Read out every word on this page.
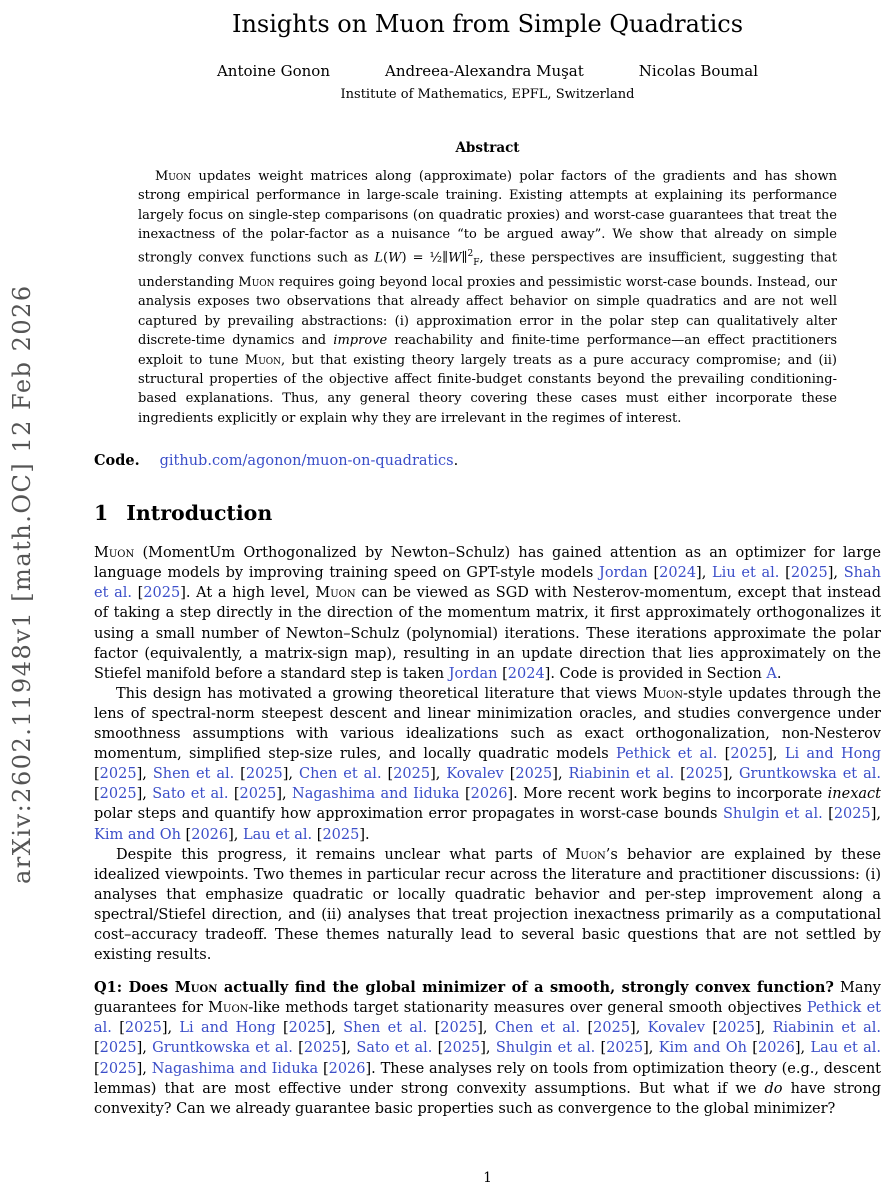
arXiv:2602.11948v1 [math.OC] 12 Feb 2026
Insights on Muon from Simple Quadratics
Antoine Gonon	Andreea-Alexandra Muşat	Nicolas Boumal
Institute of Mathematics, EPFL, Switzerland
Abstract

Muon updates weight matrices along (approximate) polar factors of the gradients and has shown strong empirical performance in large-scale training. Existing attempts at explaining its performance largely focus on single-step comparisons (on quadratic proxies) and worst-case guarantees that treat the inexactness of the polar-factor as a nuisance “to be argued away”. We show that already on simple strongly convex functions such as L(W) = ½∥W∥$^2_F$, these perspectives are insufficient, suggesting that understanding Muon requires going beyond local proxies and pessimistic worst-case bounds. Instead, our analysis exposes two observations that already affect behavior on simple quadratics and are not well captured by prevailing abstractions: (i) approximation error in the polar step can qualitatively alter discrete-time dynamics and improve reachability and finite-time performance—an effect practitioners exploit to tune Muon, but that existing theory largely treats as a pure accuracy compromise; and (ii) structural properties of the objective affect finite-budget constants beyond the prevailing conditioning-based explanations. Thus, any general theory covering these cases must either incorporate these ingredients explicitly or explain why they are irrelevant in the regimes of interest.

Code. github.com/agonon/muon-on-quadratics.

1 Introduction

Muon (MomentUm Orthogonalized by Newton–Schulz) has gained attention as an optimizer for large language models by improving training speed on GPT-style models Jordan [2024], Liu et al. [2025], Shah et al. [2025]. At a high level, Muon can be viewed as SGD with Nesterov-momentum, except that instead of taking a step directly in the direction of the momentum matrix, it first approximately orthogonalizes it using a small number of Newton–Schulz (polynomial) iterations. These iterations approximate the polar factor (equivalently, a matrix-sign map), resulting in an update direction that lies approximately on the Stiefel manifold before a standard step is taken Jordan [2024]. Code is provided in Section A.

This design has motivated a growing theoretical literature that views Muon-style updates through the lens of spectral-norm steepest descent and linear minimization oracles, and studies convergence under smoothness assumptions with various idealizations such as exact orthogonalization, non-Nesterov momentum, simplified step-size rules, and locally quadratic models Pethick et al. [2025], Li and Hong [2025], Shen et al. [2025], Chen et al. [2025], Kovalev [2025], Riabinin et al. [2025], Gruntkowska et al. [2025], Sato et al. [2025], Nagashima and Iiduka [2026]. More recent work begins to incorporate inexact polar steps and quantify how approximation error propagates in worst-case bounds Shulgin et al. [2025], Kim and Oh [2026], Lau et al. [2025].

Despite this progress, it remains unclear what parts of Muon’s behavior are explained by these idealized viewpoints. Two themes in particular recur across the literature and practitioner discussions: (i) analyses that emphasize quadratic or locally quadratic behavior and per-step improvement along a spectral/Stiefel direction, and (ii) analyses that treat projection inexactness primarily as a computational cost–accuracy tradeoff. These themes naturally lead to several basic questions that are not settled by existing results.

Q1: Does Muon actually find the global minimizer of a smooth, strongly convex function? Many guarantees for Muon-like methods target stationarity measures over general smooth objectives Pethick et al. [2025], Li and Hong [2025], Shen et al. [2025], Chen et al. [2025], Kovalev [2025], Riabinin et al. [2025], Gruntkowska et al. [2025], Sato et al. [2025], Shulgin et al. [2025], Kim and Oh [2026], Lau et al. [2025], Nagashima and Iiduka [2026]. These analyses rely on tools from optimization theory (e.g., descent lemmas) that are most effective under strong convexity assumptions. But what if we do have strong convexity? Can we already guarantee basic properties such as convergence to the global minimizer?

1
